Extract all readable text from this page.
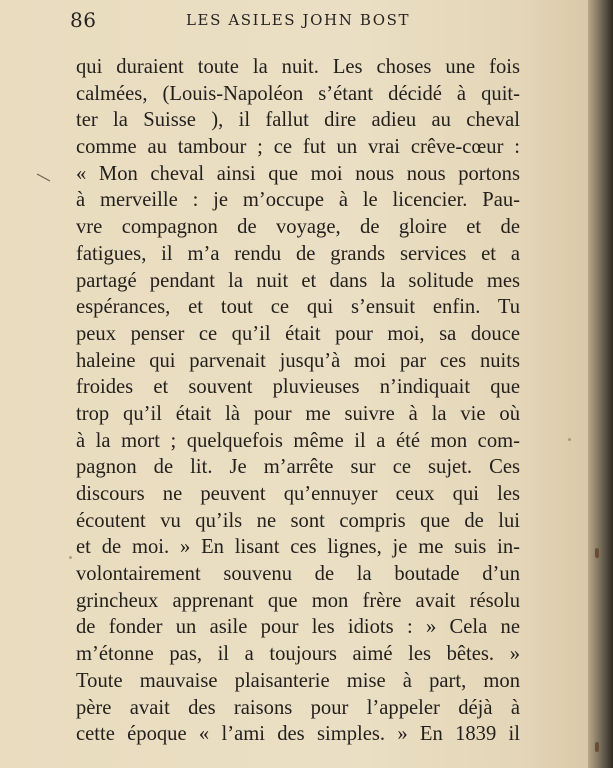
86	LES ASILES JOHN BOST
qui duraient toute la nuit. Les choses une fois
calmées, (Louis-Napoléon s’étant décidé à quit-
ter la Suisse ), il fallut dire adieu au cheval
comme au tambour ; ce fut un vrai crêve-cœur :
« Mon cheval ainsi que moi nous nous portons
à merveille : je m’occupe à le licencier. Pau-
vre compagnon de voyage, de gloire et de
fatigues, il m’a rendu de grands services et a
partagé pendant la nuit et dans la solitude mes
espérances, et tout ce qui s’ensuit enfin. Tu
peux penser ce qu’il était pour moi, sa douce
haleine qui parvenait jusqu’à moi par ces nuits
froides et souvent pluvieuses n’indiquait que
trop qu’il était là pour me suivre à la vie où
à la mort ; quelquefois même il a été mon com-
pagnon de lit. Je m’arrête sur ce sujet. Ces
discours ne peuvent qu’ennuyer ceux qui les
écoutent vu qu’ils ne sont compris que de lui
et de moi. » En lisant ces lignes, je me suis in-
volontairement souvenu de la boutade d’un
grincheux apprenant que mon frère avait résolu
de fonder un asile pour les idiots : » Cela ne
m’étonne pas, il a toujours aimé les bêtes. »
Toute mauvaise plaisanterie mise à part, mon
père avait des raisons pour l’appeler déjà à
cette époque « l’ami des simples. » En 1839 il
